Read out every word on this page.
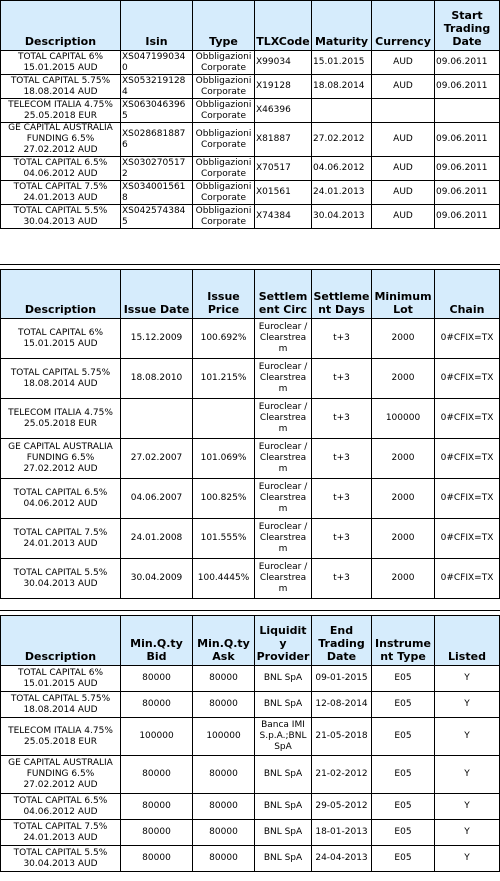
Description	Isin	Type	TLXCode	Maturity	Currency	Start Trading Date
TOTAL CAPITAL 6% 15.01.2015 AUD	XS0471990340	Obbligazioni Corporate	X99034	15.01.2015	AUD	09.06.2011
TOTAL CAPITAL 5.75% 18.08.2014 AUD	XS0532191284	Obbligazioni Corporate	X19128	18.08.2014	AUD	09.06.2011
TELECOM ITALIA 4.75% 25.05.2018 EUR	XS0630463965	Obbligazioni Corporate	X46396			
GE CAPITAL AUSTRALIA FUNDING 6.5% 27.02.2012 AUD	XS0286818876	Obbligazioni Corporate	X81887	27.02.2012	AUD	09.06.2011
TOTAL CAPITAL 6.5% 04.06.2012 AUD	XS0302705172	Obbligazioni Corporate	X70517	04.06.2012	AUD	09.06.2011
TOTAL CAPITAL 7.5% 24.01.2013 AUD	XS0340015618	Obbligazioni Corporate	X01561	24.01.2013	AUD	09.06.2011
TOTAL CAPITAL 5.5% 30.04.2013 AUD	XS0425743845	Obbligazioni Corporate	X74384	30.04.2013	AUD	09.06.2011
Description	Issue Date	Issue Price	Settlement Circ	Settlement Days	Minimum Lot	Chain
TOTAL CAPITAL 6% 15.01.2015 AUD	15.12.2009	100.692%	Euroclear / Clearstream	t+3	2000	0#CFIX=TX
TOTAL CAPITAL 5.75% 18.08.2014 AUD	18.08.2010	101.215%	Euroclear / Clearstream	t+3	2000	0#CFIX=TX
TELECOM ITALIA 4.75% 25.05.2018 EUR			Euroclear / Clearstream	t+3	100000	0#CFIX=TX
GE CAPITAL AUSTRALIA FUNDING 6.5% 27.02.2012 AUD	27.02.2007	101.069%	Euroclear / Clearstream	t+3	2000	0#CFIX=TX
TOTAL CAPITAL 6.5% 04.06.2012 AUD	04.06.2007	100.825%	Euroclear / Clearstream	t+3	2000	0#CFIX=TX
TOTAL CAPITAL 7.5% 24.01.2013 AUD	24.01.2008	101.555%	Euroclear / Clearstream	t+3	2000	0#CFIX=TX
TOTAL CAPITAL 5.5% 30.04.2013 AUD	30.04.2009	100.4445%	Euroclear / Clearstream	t+3	2000	0#CFIX=TX
Description	Min.Q.ty Bid	Min.Q.ty Ask	Liquidity Provider	End Trading Date	Instrument Type	Listed
TOTAL CAPITAL 6% 15.01.2015 AUD	80000	80000	BNL SpA	09-01-2015	E05	Y
TOTAL CAPITAL 5.75% 18.08.2014 AUD	80000	80000	BNL SpA	12-08-2014	E05	Y
TELECOM ITALIA 4.75% 25.05.2018 EUR	100000	100000	Banca IMI S.p.A.;BNL SpA	21-05-2018	E05	Y
GE CAPITAL AUSTRALIA FUNDING 6.5% 27.02.2012 AUD	80000	80000	BNL SpA	21-02-2012	E05	Y
TOTAL CAPITAL 6.5% 04.06.2012 AUD	80000	80000	BNL SpA	29-05-2012	E05	Y
TOTAL CAPITAL 7.5% 24.01.2013 AUD	80000	80000	BNL SpA	18-01-2013	E05	Y
TOTAL CAPITAL 5.5% 30.04.2013 AUD	80000	80000	BNL SpA	24-04-2013	E05	Y
